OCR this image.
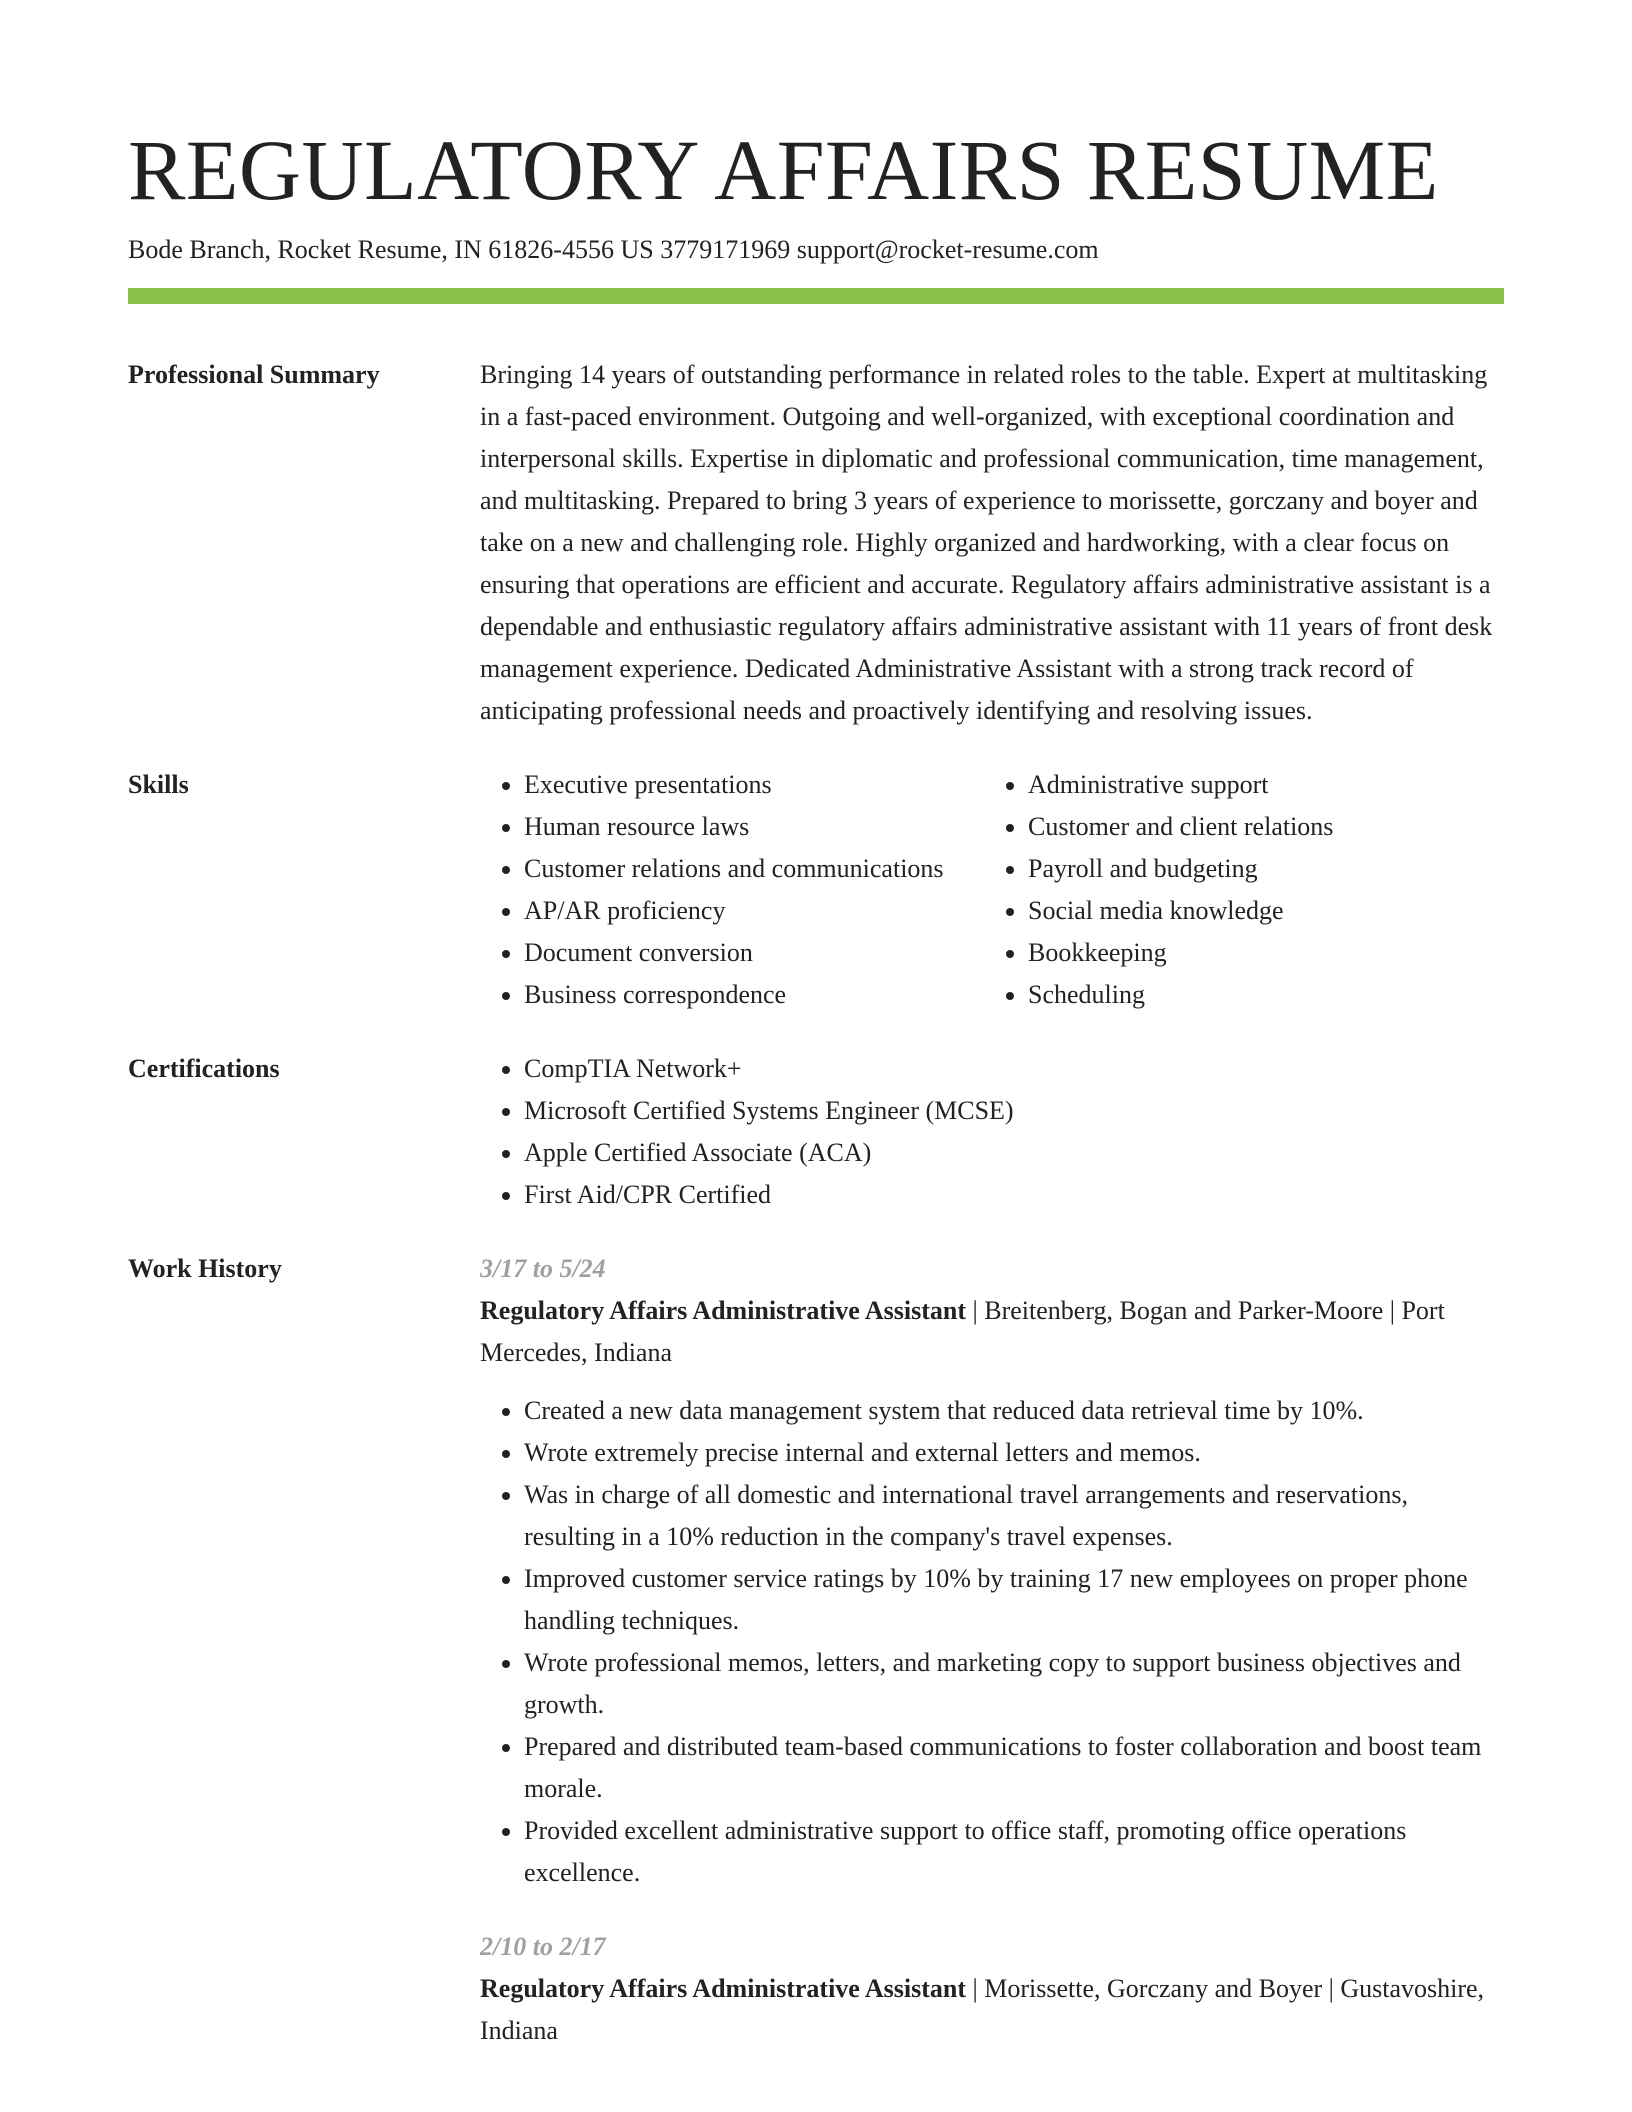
REGULATORY AFFAIRS RESUME
Bode Branch, Rocket Resume, IN 61826-4556 US 3779171969 support@rocket-resume.com
Professional Summary	Bringing 14 years of outstanding performance in related roles to the table. Expert at multitasking in a fast-paced environment. Outgoing and well-organized, with exceptional coordination and interpersonal skills. Expertise in diplomatic and professional communication, time management, and multitasking. Prepared to bring 3 years of experience to morissette, gorczany and boyer and take on a new and challenging role. Highly organized and hardworking, with a clear focus on ensuring that operations are efficient and accurate. Regulatory affairs administrative assistant is a dependable and enthusiastic regulatory affairs administrative assistant with 11 years of front desk management experience. Dedicated Administrative Assistant with a strong track record of anticipating professional needs and proactively identifying and resolving issues.
Skills	• Executive presentations
• Human resource laws
• Customer relations and communications
• AP/AR proficiency
• Document conversion
• Business correspondence
• Administrative support
• Customer and client relations
• Payroll and budgeting
• Social media knowledge
• Bookkeeping
• Scheduling
Certifications	• CompTIA Network+
• Microsoft Certified Systems Engineer (MCSE)
• Apple Certified Associate (ACA)
• First Aid/CPR Certified
Work History	3/17 to 5/24
Regulatory Affairs Administrative Assistant | Breitenberg, Bogan and Parker-Moore | Port Mercedes, Indiana
• Created a new data management system that reduced data retrieval time by 10%.
• Wrote extremely precise internal and external letters and memos.
• Was in charge of all domestic and international travel arrangements and reservations, resulting in a 10% reduction in the company's travel expenses.
• Improved customer service ratings by 10% by training 17 new employees on proper phone handling techniques.
• Wrote professional memos, letters, and marketing copy to support business objectives and growth.
• Prepared and distributed team-based communications to foster collaboration and boost team morale.
• Provided excellent administrative support to office staff, promoting office operations excellence.
2/10 to 2/17
Regulatory Affairs Administrative Assistant | Morissette, Gorczany and Boyer | Gustavoshire, Indiana
